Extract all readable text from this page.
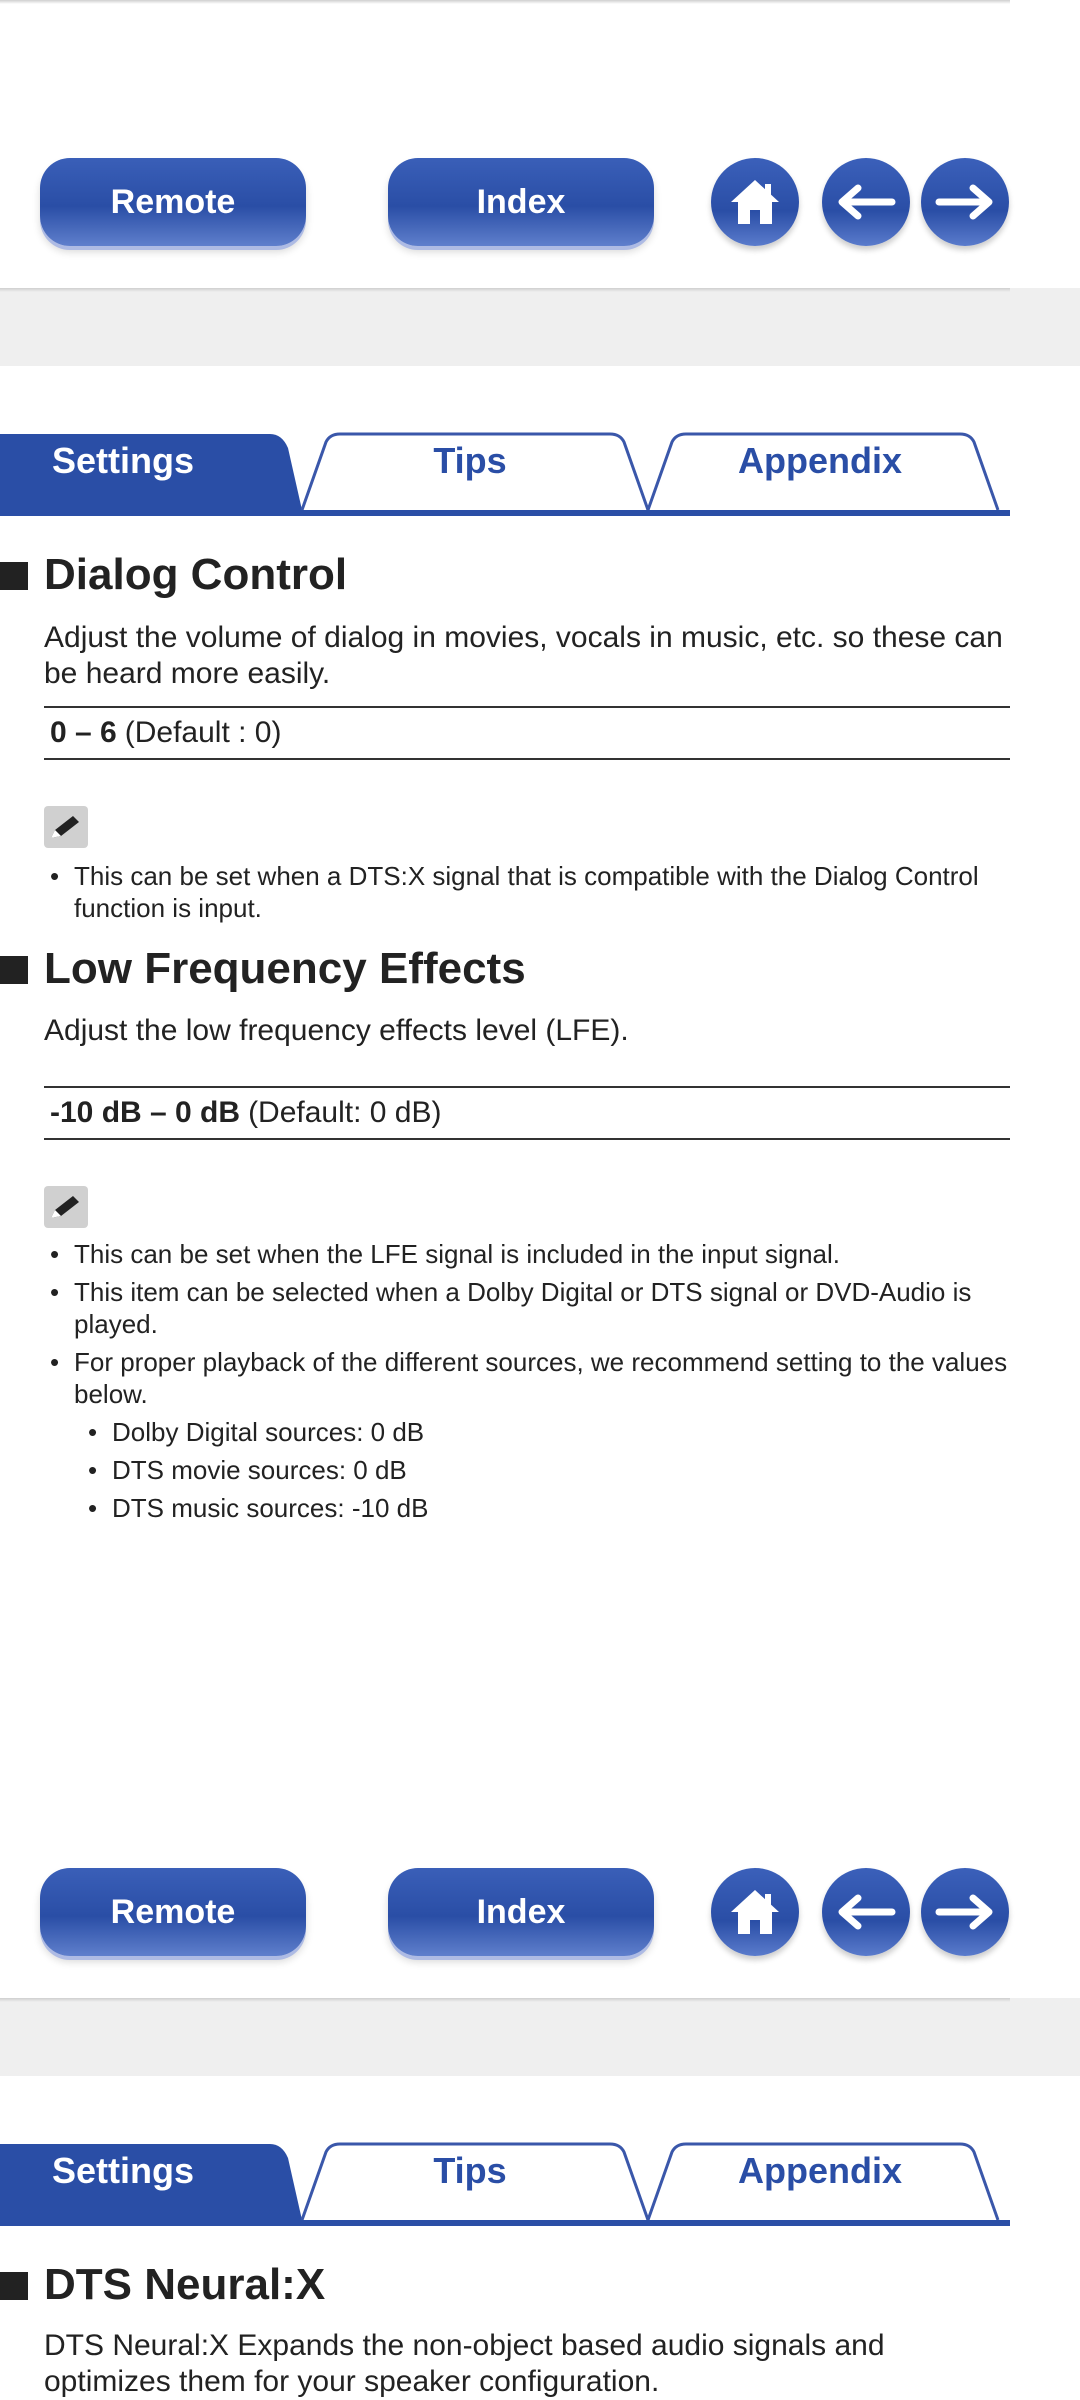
Remote	Index
Settings	Tips	Appendix
Dialog Control
Adjust the volume of dialog in movies, vocals in music, etc. so these can be heard more easily.
0 – 6 (Default : 0)
• This can be set when a DTS:X signal that is compatible with the Dialog Control function is input.
Low Frequency Effects
Adjust the low frequency effects level (LFE).
-10 dB – 0 dB (Default: 0 dB)
• This can be set when the LFE signal is included in the input signal.
• This item can be selected when a Dolby Digital or DTS signal or DVD-Audio is played.
• For proper playback of the different sources, we recommend setting to the values below.
• Dolby Digital sources: 0 dB
• DTS movie sources: 0 dB
• DTS music sources: -10 dB
Remote	Index
Settings	Tips	Appendix
DTS Neural:X
DTS Neural:X Expands the non-object based audio signals and optimizes them for your speaker configuration.
